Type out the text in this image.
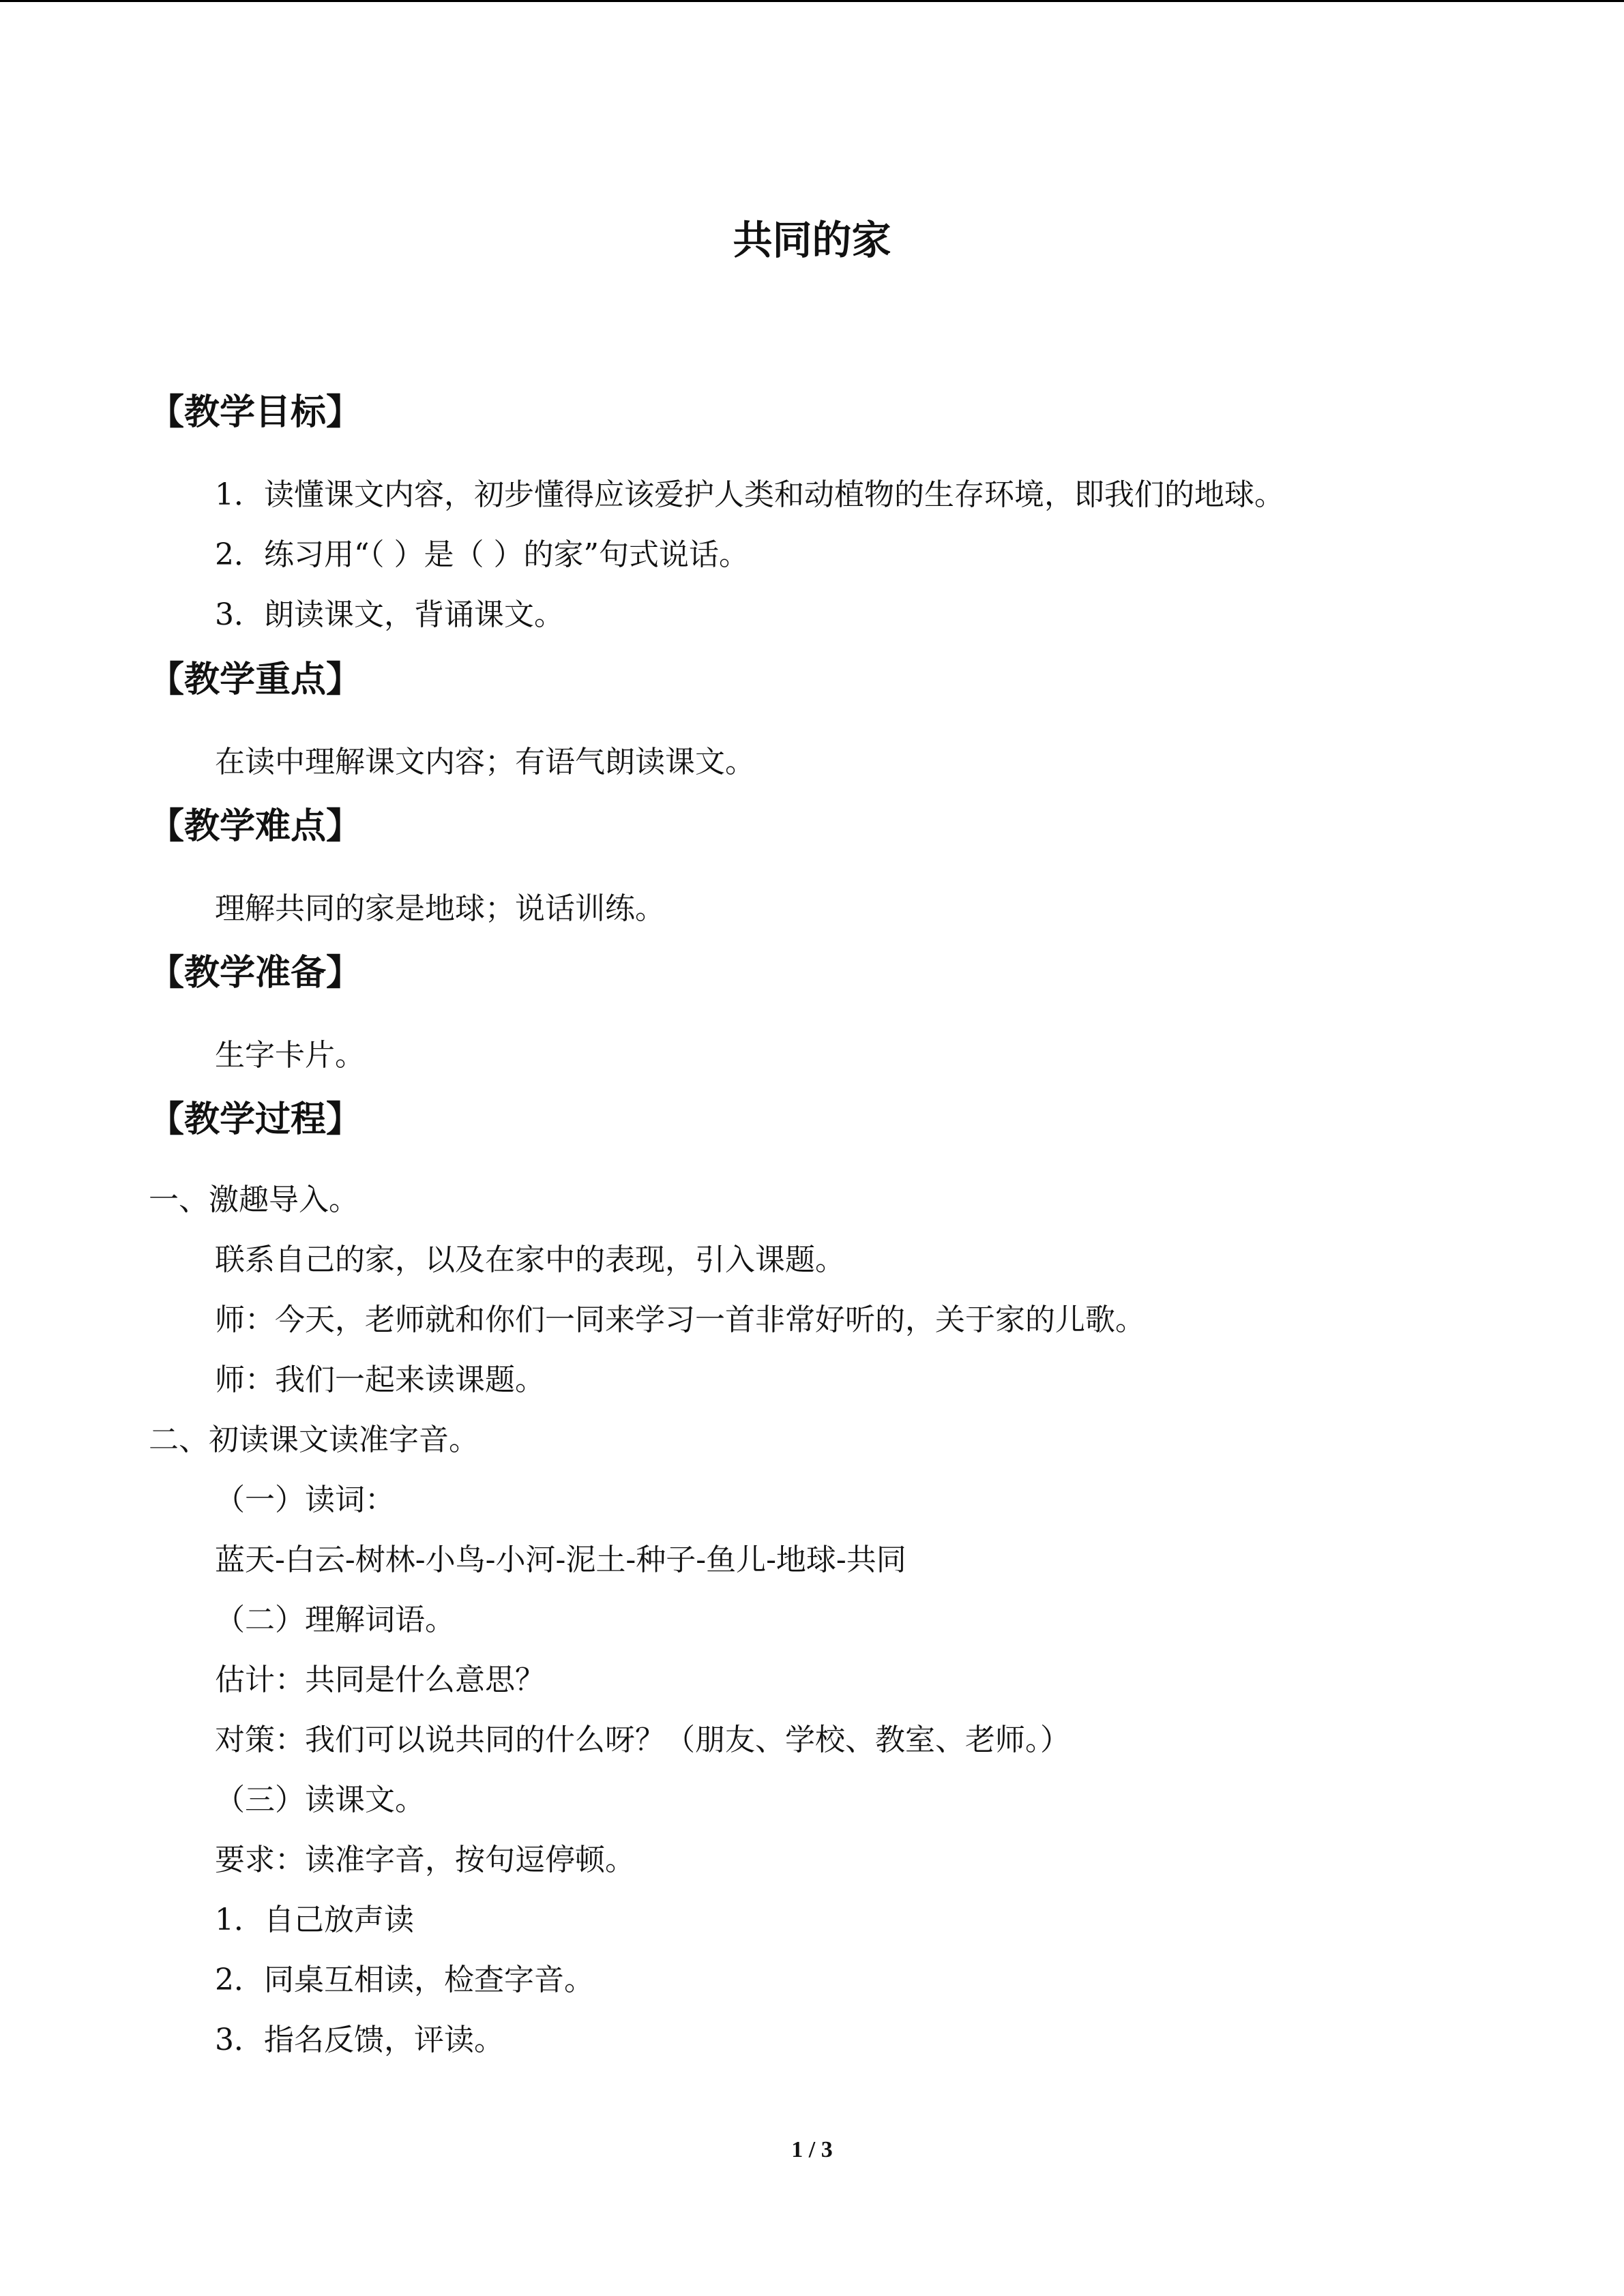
共同的家
【教学目标】

1．读懂课文内容，初步懂得应该爱护人类和动植物的生存环境，即我们的地球。

2．练习用“（ ）是（ ）的家”句式说话。

3．朗读课文，背诵课文。

【教学重点】

在读中理解课文内容；有语气朗读课文。

【教学难点】

理解共同的家是地球；说话训练。

【教学准备】

生字卡片。

【教学过程】

一、激趣导入。

联系自己的家，以及在家中的表现，引入课题。

师：今天，老师就和你们一同来学习一首非常好听的，关于家的儿歌。

师：我们一起来读课题。

二、初读课文读准字音。

（一）读词：

蓝天-白云-树林-小鸟-小河-泥土-种子-鱼儿-地球-共同

（二）理解词语。

估计：共同是什么意思？

对策：我们可以说共同的什么呀？（朋友、学校、教室、老师。）

（三）读课文。

要求：读准字音，按句逗停顿。

1．自己放声读

2．同桌互相读，检查字音。

3．指名反馈，评读。

1 / 3
